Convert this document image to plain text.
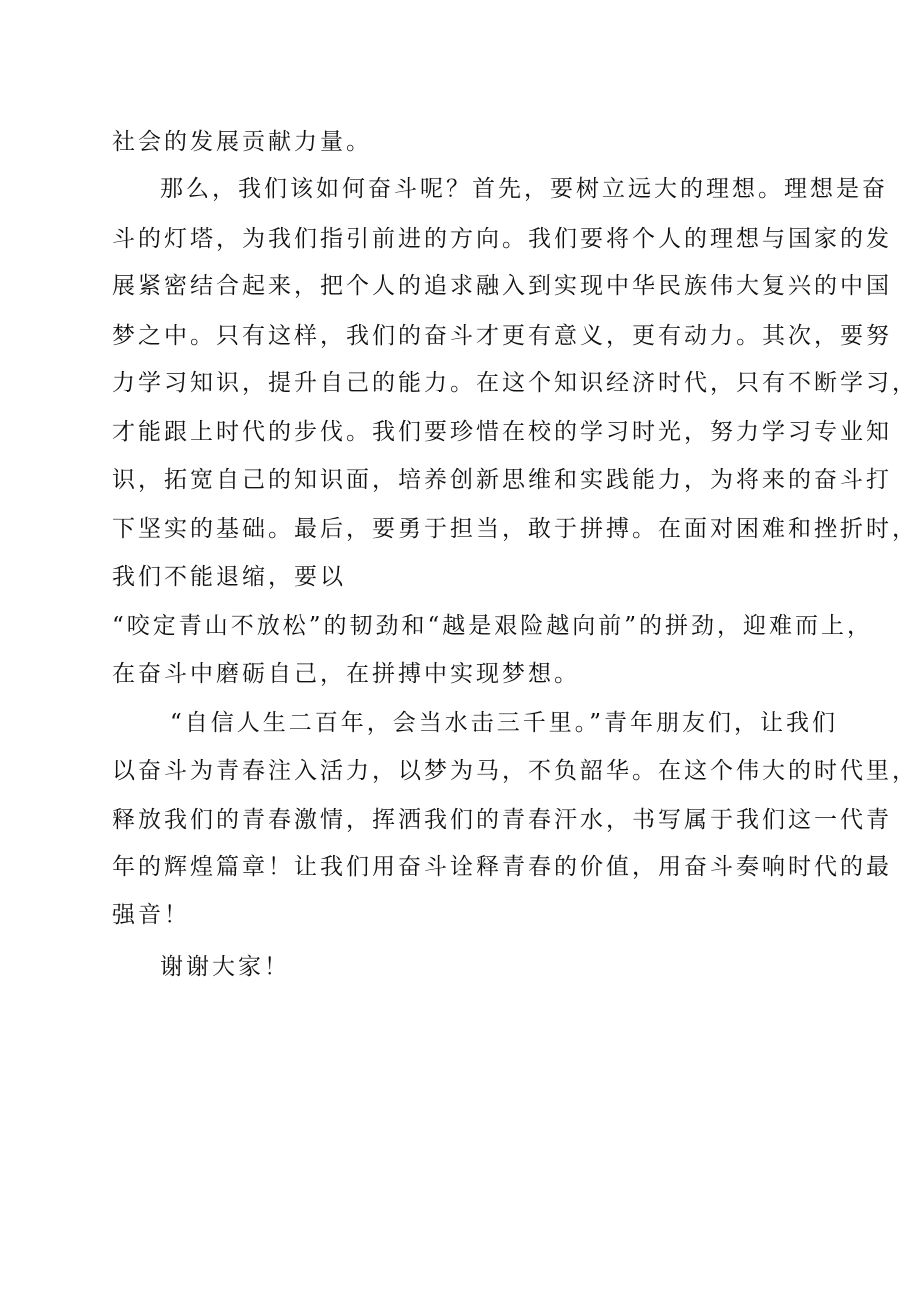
社会的发展贡献力量。
那么，我们该如何奋斗呢？首先，要树立远大的理想。理想是奋
斗的灯塔，为我们指引前进的方向。我们要将个人的理想与国家的发
展紧密结合起来，把个人的追求融入到实现中华民族伟大复兴的中国
梦之中。只有这样，我们的奋斗才更有意义，更有动力。其次，要努
力学习知识，提升自己的能力。在这个知识经济时代，只有不断学习，
才能跟上时代的步伐。我们要珍惜在校的学习时光，努力学习专业知
识，拓宽自己的知识面，培养创新思维和实践能力，为将来的奋斗打
下坚实的基础。最后，要勇于担当，敢于拼搏。在面对困难和挫折时，
我们不能退缩，要以
“咬定青山不放松”的韧劲和“越是艰险越向前”的拼劲，迎难而上，
在奋斗中磨砺自己，在拼搏中实现梦想。
“自信人生二百年，会当水击三千里。”青年朋友们，让我们
以奋斗为青春注入活力，以梦为马，不负韶华。在这个伟大的时代里，
释放我们的青春激情，挥洒我们的青春汗水，书写属于我们这一代青
年的辉煌篇章！让我们用奋斗诠释青春的价值，用奋斗奏响时代的最
强音！
谢谢大家！
